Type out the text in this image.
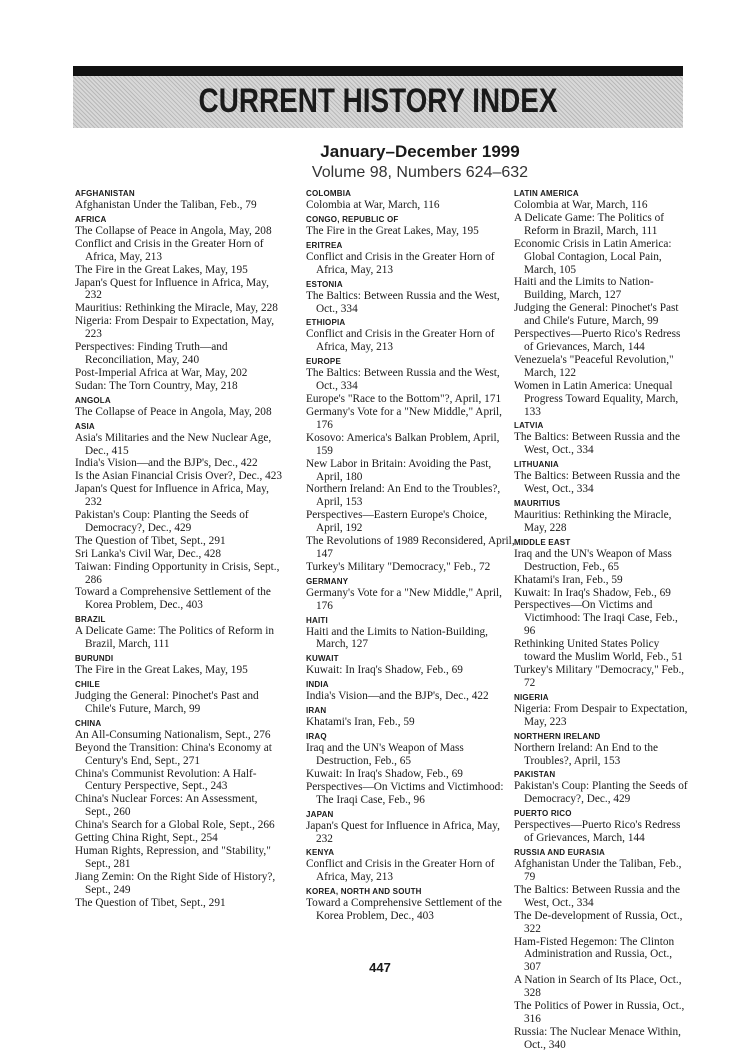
CURRENT HISTORY INDEX
January–December 1999
Volume 98, Numbers 624–632
AFGHANISTAN
Afghanistan Under the Taliban, Feb., 79
AFRICA
The Collapse of Peace in Angola, May, 208
Conflict and Crisis in the Greater Horn of Africa, May, 213
The Fire in the Great Lakes, May, 195
Japan's Quest for Influence in Africa, May, 232
Mauritius: Rethinking the Miracle, May, 228
Nigeria: From Despair to Expectation, May, 223
Perspectives: Finding Truth—and Reconciliation, May, 240
Post-Imperial Africa at War, May, 202
Sudan: The Torn Country, May, 218
ANGOLA
The Collapse of Peace in Angola, May, 208
ASIA
Asia's Militaries and the New Nuclear Age, Dec., 415
India's Vision—and the BJP's, Dec., 422
Is the Asian Financial Crisis Over?, Dec., 423
Japan's Quest for Influence in Africa, May, 232
Pakistan's Coup: Planting the Seeds of Democracy?, Dec., 429
The Question of Tibet, Sept., 291
Sri Lanka's Civil War, Dec., 428
Taiwan: Finding Opportunity in Crisis, Sept., 286
Toward a Comprehensive Settlement of the Korea Problem, Dec., 403
BRAZIL
A Delicate Game: The Politics of Reform in Brazil, March, 111
BURUNDI
The Fire in the Great Lakes, May, 195
CHILE
Judging the General: Pinochet's Past and Chile's Future, March, 99
CHINA
An All-Consuming Nationalism, Sept., 276
Beyond the Transition: China's Economy at Century's End, Sept., 271
China's Communist Revolution: A Half-Century Perspective, Sept., 243
China's Nuclear Forces: An Assessment, Sept., 260
China's Search for a Global Role, Sept., 266
Getting China Right, Sept., 254
Human Rights, Repression, and "Stability," Sept., 281
Jiang Zemin: On the Right Side of History?, Sept., 249
The Question of Tibet, Sept., 291
COLOMBIA
Colombia at War, March, 116
CONGO, REPUBLIC OF
The Fire in the Great Lakes, May, 195
ERITREA
Conflict and Crisis in the Greater Horn of Africa, May, 213
ESTONIA
The Baltics: Between Russia and the West, Oct., 334
ETHIOPIA
Conflict and Crisis in the Greater Horn of Africa, May, 213
EUROPE
The Baltics: Between Russia and the West, Oct., 334
Europe's "Race to the Bottom"?, April, 171
Germany's Vote for a "New Middle," April, 176
Kosovo: America's Balkan Problem, April, 159
New Labor in Britain: Avoiding the Past, April, 180
Northern Ireland: An End to the Troubles?, April, 153
Perspectives—Eastern Europe's Choice, April, 192
The Revolutions of 1989 Reconsidered, April, 147
Turkey's Military "Democracy," Feb., 72
GERMANY
Germany's Vote for a "New Middle," April, 176
HAITI
Haiti and the Limits to Nation-Building, March, 127
KUWAIT
Kuwait: In Iraq's Shadow, Feb., 69
INDIA
India's Vision—and the BJP's, Dec., 422
IRAN
Khatami's Iran, Feb., 59
IRAQ
Iraq and the UN's Weapon of Mass Destruction, Feb., 65
Kuwait: In Iraq's Shadow, Feb., 69
Perspectives—On Victims and Victimhood: The Iraqi Case, Feb., 96
JAPAN
Japan's Quest for Influence in Africa, May, 232
KENYA
Conflict and Crisis in the Greater Horn of Africa, May, 213
KOREA, NORTH AND SOUTH
Toward a Comprehensive Settlement of the Korea Problem, Dec., 403
LATIN AMERICA
Colombia at War, March, 116
A Delicate Game: The Politics of Reform in Brazil, March, 111
Economic Crisis in Latin America: Global Contagion, Local Pain, March, 105
Haiti and the Limits to Nation-Building, March, 127
Judging the General: Pinochet's Past and Chile's Future, March, 99
Perspectives—Puerto Rico's Redress of Grievances, March, 144
Venezuela's "Peaceful Revolution," March, 122
Women in Latin America: Unequal Progress Toward Equality, March, 133
LATVIA
The Baltics: Between Russia and the West, Oct., 334
LITHUANIA
The Baltics: Between Russia and the West, Oct., 334
MAURITIUS
Mauritius: Rethinking the Miracle, May, 228
MIDDLE EAST
Iraq and the UN's Weapon of Mass Destruction, Feb., 65
Khatami's Iran, Feb., 59
Kuwait: In Iraq's Shadow, Feb., 69
Perspectives—On Victims and Victimhood: The Iraqi Case, Feb., 96
Rethinking United States Policy toward the Muslim World, Feb., 51
Turkey's Military "Democracy," Feb., 72
NIGERIA
Nigeria: From Despair to Expectation, May, 223
NORTHERN IRELAND
Northern Ireland: An End to the Troubles?, April, 153
PAKISTAN
Pakistan's Coup: Planting the Seeds of Democracy?, Dec., 429
PUERTO RICO
Perspectives—Puerto Rico's Redress of Grievances, March, 144
RUSSIA AND EURASIA
Afghanistan Under the Taliban, Feb., 79
The Baltics: Between Russia and the West, Oct., 334
The De-development of Russia, Oct., 322
Ham-Fisted Hegemon: The Clinton Administration and Russia, Oct., 307
A Nation in Search of Its Place, Oct., 328
The Politics of Power in Russia, Oct., 316
Russia: The Nuclear Menace Within, Oct., 340
447
